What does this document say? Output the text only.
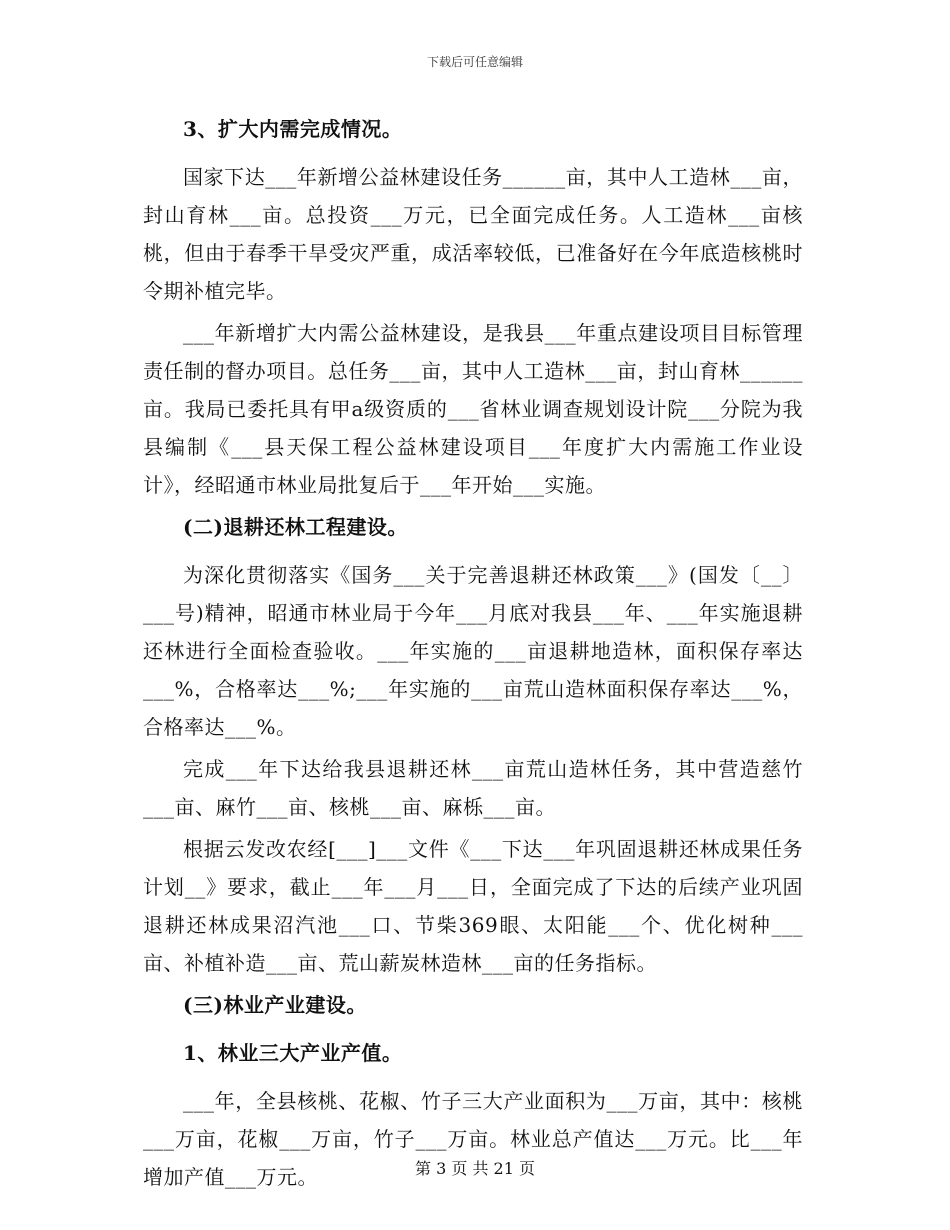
下载后可任意编辑

3、扩大内需完成情况。

国家下达___年新增公益林建设任务______亩，其中人工造林___亩，封山育林___亩。总投资___万元，已全面完成任务。人工造林___亩核桃，但由于春季干旱受灾严重，成活率较低，已准备好在今年底造核桃时令期补植完毕。

___年新增扩大内需公益林建设，是我县___年重点建设项目目标管理责任制的督办项目。总任务___亩，其中人工造林___亩，封山育林______亩。我局已委托具有甲a级资质的___省林业调查规划设计院___分院为我县编制《___县天保工程公益林建设项目___年度扩大内需施工作业设计》，经昭通市林业局批复后于___年开始___实施。

(二)退耕还林工程建设。

为深化贯彻落实《国务___关于完善退耕还林政策___》(国发〔__〕___号)精神，昭通市林业局于今年___月底对我县___年、___年实施退耕还林进行全面检查验收。___年实施的___亩退耕地造林，面积保存率达___%，合格率达___%;___年实施的___亩荒山造林面积保存率达___%，合格率达___%。

完成___年下达给我县退耕还林___亩荒山造林任务，其中营造慈竹___亩、麻竹___亩、核桃___亩、麻栎___亩。

根据云发改农经[___]___文件《___下达___年巩固退耕还林成果任务计划__》要求，截止___年___月___日，全面完成了下达的后续产业巩固退耕还林成果沼汽池___口、节柴369眼、太阳能___个、优化树种___亩、补植补造___亩、荒山薪炭林造林___亩的任务指标。

(三)林业产业建设。

1、林业三大产业产值。

___年，全县核桃、花椒、竹子三大产业面积为___万亩，其中：核桃___万亩，花椒___万亩，竹子___万亩。林业总产值达___万元。比___年增加产值___万元。	第 3 页 共 21 页
